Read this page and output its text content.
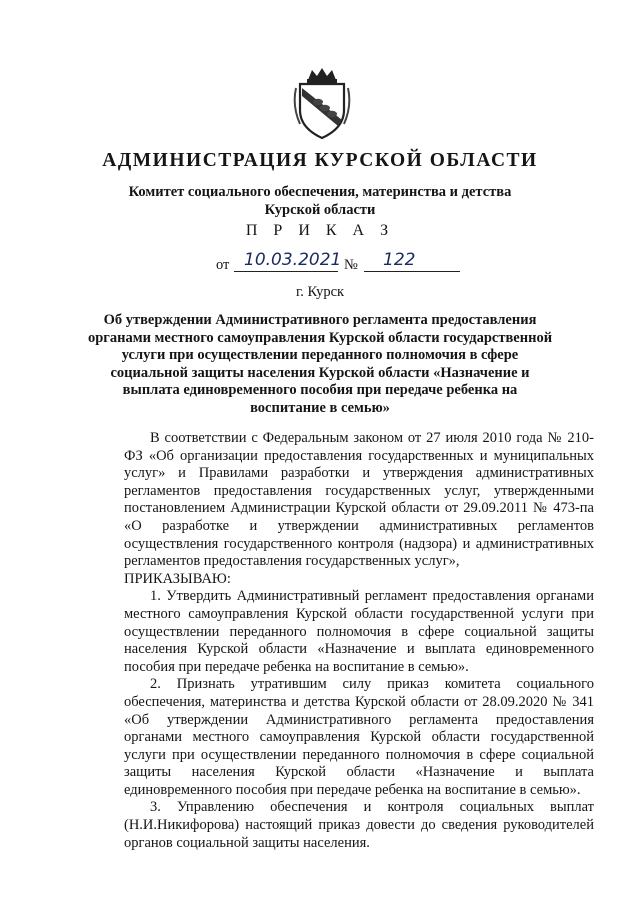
АДМИНИСТРАЦИЯ КУРСКОЙ ОБЛАСТИ
Комитет социального обеспечения, материнства и детства
Курской области
П Р И К А З
от 10.03.2021 № 122
г. Курск
Об утверждении Административного регламента предоставления
органами местного самоуправления Курской области государственной
услуги при осуществлении переданного полномочия в сфере
социальной защиты населения Курской области «Назначение и
выплата единовременного пособия при передаче ребенка на
воспитание в семью»

В соответствии с Федеральным законом от 27 июля 2010 года № 210-ФЗ «Об организации предоставления государственных и муниципальных услуг» и Правилами разработки и утверждения административных регламентов предоставления государственных услуг, утвержденными постановлением Администрации Курской области от 29.09.2011 № 473-па «О разработке и утверждении административных регламентов осуществления государственного контроля (надзора) и административных регламентов предоставления государственных услуг»,

ПРИКАЗЫВАЮ:

1. Утвердить Административный регламент предоставления органами местного самоуправления Курской области государственной услуги при осуществлении переданного полномочия в сфере социальной защиты населения Курской области «Назначение и выплата единовременного пособия при передаче ребенка на воспитание в семью».

2. Признать утратившим силу приказ комитета социального обеспечения, материнства и детства Курской области от 28.09.2020 № 341 «Об утверждении Административного регламента предоставления органами местного самоуправления Курской области государственной услуги при осуществлении переданного полномочия в сфере социальной защиты населения Курской области «Назначение и выплата единовременного пособия при передаче ребенка на воспитание в семью».

3. Управлению обеспечения и контроля социальных выплат (Н.И.Никифорова) настоящий приказ довести до сведения руководителей органов социальной защиты населения.
